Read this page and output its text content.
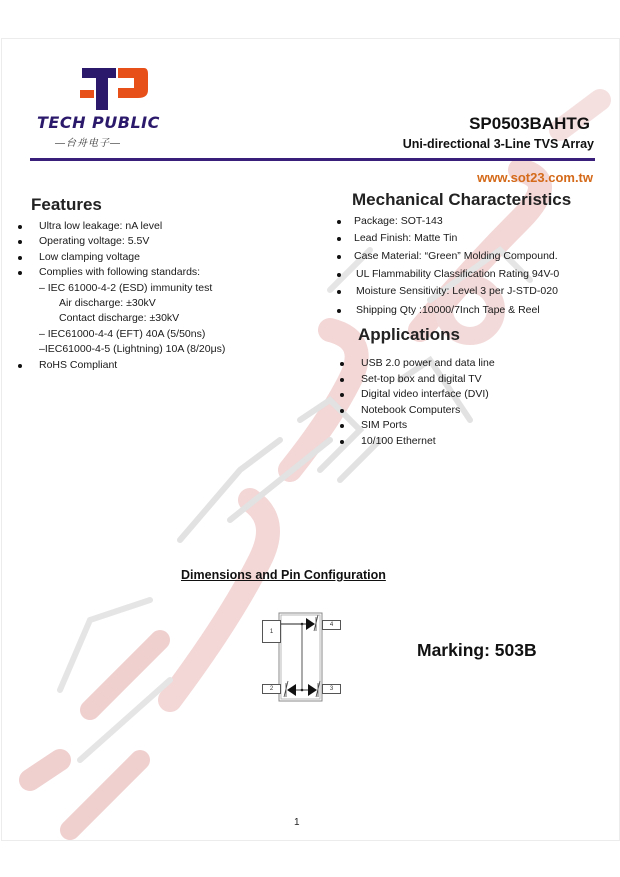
TECH PUBLIC
—台舟电子—
SP0503BAHTG
Uni-directional 3-Line TVS Array
www.sot23.com.tw
Features
Ultra low leakage: nA level
Operating voltage: 5.5V
Low clamping voltage
Complies with following standards:
– IEC 61000-4-2 (ESD) immunity test
Air discharge: ±30kV
Contact discharge: ±30kV
– IEC61000-4-4 (EFT) 40A (5/50ns)
–IEC61000-4-5 (Lightning) 10A (8/20μs)
RoHS Compliant
Mechanical Characteristics
Package: SOT-143
Lead Finish: Matte Tin
Case Material: “Green” Molding Compound.
UL Flammability Classification Rating 94V-0
Moisture Sensitivity: Level 3 per J-STD-020
Shipping Qty :10000/7Inch Tape & Reel
Applications
USB 2.0 power and data line
Set-top box and digital TV
Digital video interface (DVI)
Notebook Computers
SIM Ports
10/100 Ethernet
Dimensions and Pin Configuration
1
2	3
4
Marking: 503B
1
